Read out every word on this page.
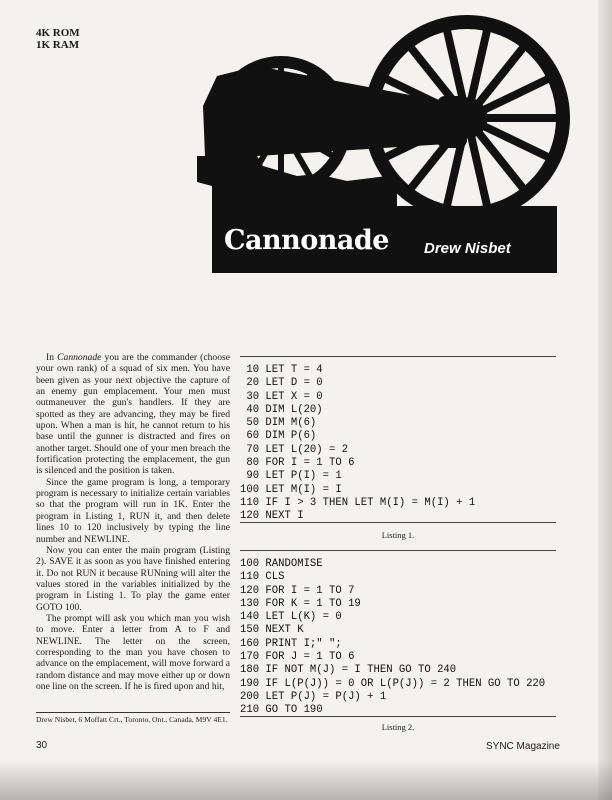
4K ROM
1K RAM
Cannonade Drew Nisbet

In Cannonade you are the commander (choose your own rank) of a squad of six men. You have been given as your next objective the capture of an enemy gun emplacement. Your men must outmaneuver the gun's handlers. If they are spotted as they are advancing, they may be fired upon. When a man is hit, he cannot return to his base until the gunner is distracted and fires on another target. Should one of your men breach the fortification protecting the emplacement, the gun is silenced and the position is taken.

Since the game program is long, a temporary program is necessary to initialize certain variables so that the program will run in 1K. Enter the program in Listing 1, RUN it, and then delete lines 10 to 120 inclusively by typing the line number and NEWLINE.

Now you can enter the main program (Listing 2). SAVE it as soon as you have finished entering it. Do not RUN it because RUNning will alter the values stored in the variables initialized by the program in Listing 1. To play the game enter GOTO 100.

The prompt will ask you which man you wish to move. Enter a letter from A to F and NEWLINE. The letter on the screen, corresponding to the man you have chosen to advance on the emplacement, will move forward a random distance and may move either up or down one line on the screen. If he is fired upon and hit,

Drew Nisbet, 6 Moffatt Crt., Toronto, Ont., Canada, M9V 4E1.
10 LET T = 4
20 LET D = 0
30 LET X = 0
40 DIM L(20)
50 DIM M(6)
60 DIM P(6)
70 LET L(20) = 2
80 FOR I = 1 TO 6
90 LET P(I) = 1
100 LET M(I) = I
110 IF I > 3 THEN LET M(I) = M(I) + 1
120 NEXT I
Listing 1.
100 RANDOMISE
110 CLS
120 FOR I = 1 TO 7
130 FOR K = 1 TO 19
140 LET L(K) = 0
150 NEXT K
160 PRINT I;" ";
170 FOR J = 1 TO 6
180 IF NOT M(J) = I THEN GO TO 240
190 IF L(P(J)) = 0 OR L(P(J)) = 2 THEN GO TO 220
200 LET P(J) = P(J) + 1
210 GO TO 190
Listing 2.
30	SYNC Magazine
